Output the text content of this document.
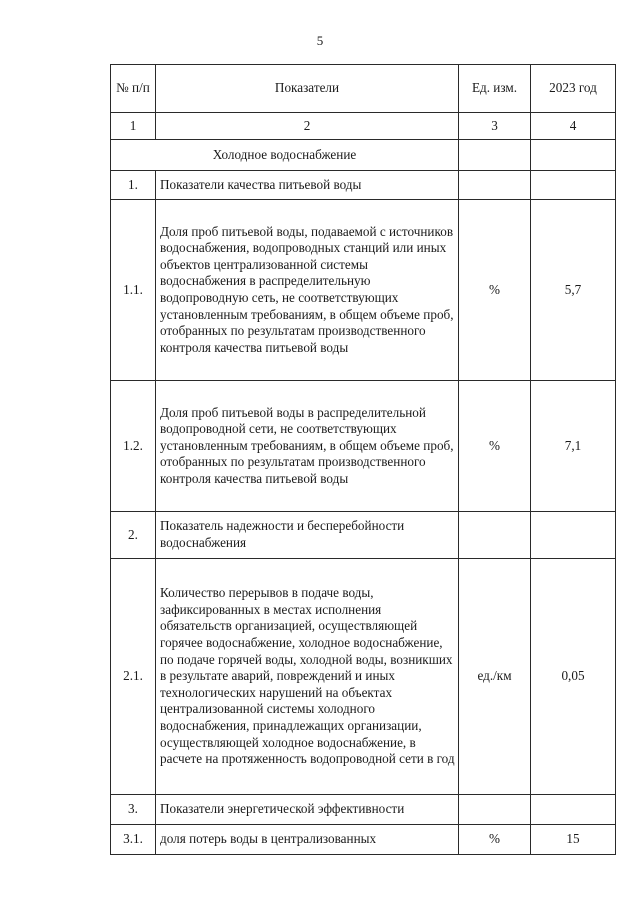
5
№ п/п	Показатели	Ед. изм.	2023 год
1	2	3	4
Холодное водоснабжение			
1.	Показатели качества питьевой воды		
1.1.	Доля проб питьевой воды, подаваемой с источников водоснабжения, водопроводных станций или иных объектов централизованной системы водоснабжения в распределительную водопроводную сеть, не соответствующих установленным требованиям, в общем объеме проб, отобранных по результатам производственного контроля качества питьевой воды	%	5,7
1.2.	Доля проб питьевой воды в распределительной водопроводной сети, не соответствующих установленным требованиям, в общем объеме проб, отобранных по результатам производственного контроля качества питьевой воды	%	7,1
2.	Показатель надежности и бесперебойности водоснабжения		
2.1.	Количество перерывов в подаче воды, зафиксированных в местах исполнения обязательств организацией, осуществляющей горячее водоснабжение, холодное водоснабжение, по подаче горячей воды, холодной воды, возникших в результате аварий, повреждений и иных технологических нарушений на объектах централизованной системы холодного водоснабжения, принадлежащих организации, осуществляющей холодное водоснабжение, в расчете на протяженность водопроводной сети в год	ед./км	0,05
3.	Показатели энергетической эффективности		
3.1.	доля потерь воды в централизованных	%	15
